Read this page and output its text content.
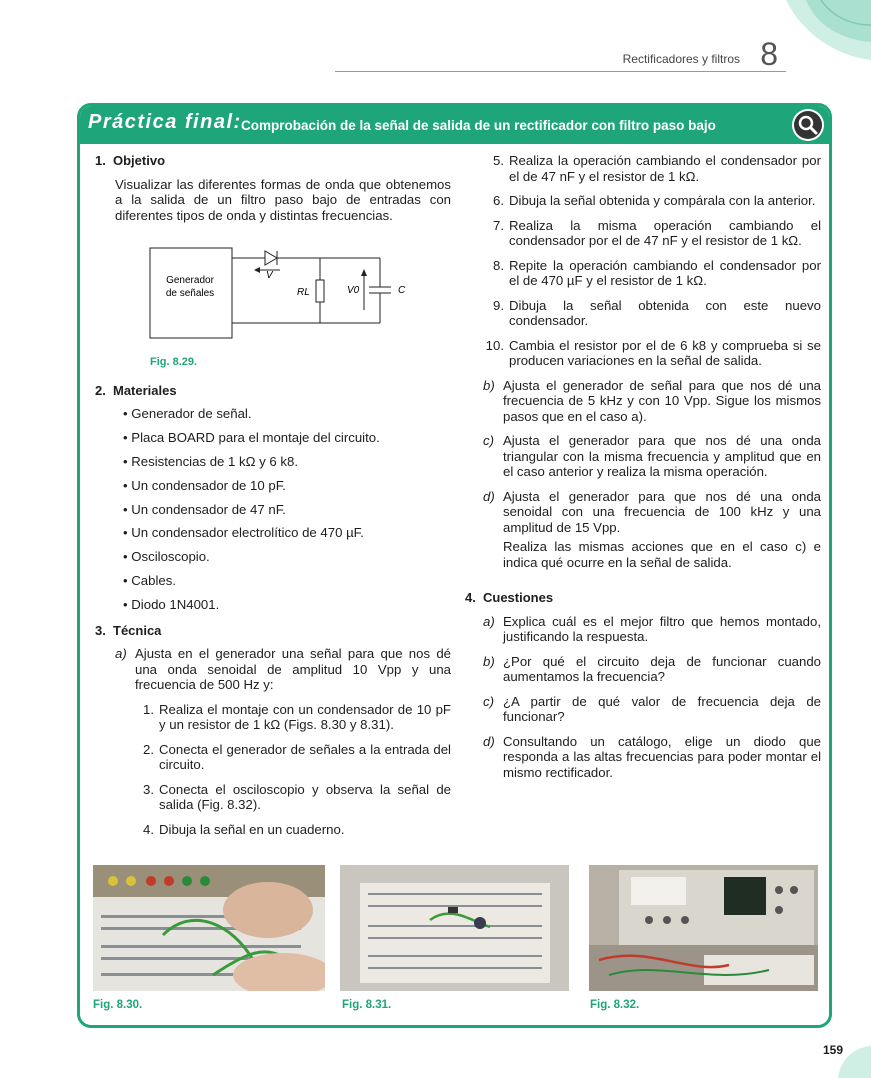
Rectificadores y filtros 8
Práctica final: Comprobación de la señal de salida de un rectificador con filtro paso bajo
1. Objetivo

Visualizar las diferentes formas de onda que obtenemos a la salida de un filtro paso bajo de entradas con diferentes tipos de onda y distintas frecuencias.

Generador
de señales
V
RL	V0	C
Fig. 8.29.
2. Materiales
• Generador de señal.
• Placa BOARD para el montaje del circuito.
• Resistencias de 1 kΩ y 6 k8.
• Un condensador de 10 pF.
• Un condensador de 47 nF.
• Un condensador electrolítico de 470 µF.
• Osciloscopio.
• Cables.
• Diodo 1N4001.
3. Técnica
a) Ajusta en el generador una señal para que nos dé una onda senoidal de amplitud 10 Vpp y una frecuencia de 500 Hz y:
1. Realiza el montaje con un condensador de 10 pF y un resistor de 1 kΩ (Figs. 8.30 y 8.31).
2. Conecta el generador de señales a la entrada del circuito.
3. Conecta el osciloscopio y observa la señal de salida (Fig. 8.32).
4. Dibuja la señal en un cuaderno.
5. Realiza la operación cambiando el condensador por el de 47 nF y el resistor de 1 kΩ.
6. Dibuja la señal obtenida y compárala con la anterior.
7. Realiza la misma operación cambiando el condensador por el de 47 nF y el resistor de 1 kΩ.
8. Repite la operación cambiando el condensador por el de 470 µF y el resistor de 1 kΩ.
9. Dibuja la señal obtenida con este nuevo condensador.
10. Cambia el resistor por el de 6 k8 y comprueba si se producen variaciones en la señal de salida.
b) Ajusta el generador de señal para que nos dé una frecuencia de 5 kHz y con 10 Vpp. Sigue los mismos pasos que en el caso a).
c) Ajusta el generador para que nos dé una onda triangular con la misma frecuencia y amplitud que en el caso anterior y realiza la misma operación.
d) Ajusta el generador para que nos dé una onda senoidal con una frecuencia de 100 kHz y una amplitud de 15 Vpp.

Realiza las mismas acciones que en el caso c) e indica qué ocurre en la señal de salida.

4. Cuestiones
a) Explica cuál es el mejor filtro que hemos montado, justificando la respuesta.
b) ¿Por qué el circuito deja de funcionar cuando aumentamos la frecuencia?
c) ¿A partir de qué valor de frecuencia deja de funcionar?
d) Consultando un catálogo, elige un diodo que responda a las altas frecuencias para poder montar el mismo rectificador.
Fig. 8.30.	Fig. 8.31.	Fig. 8.32.
159
